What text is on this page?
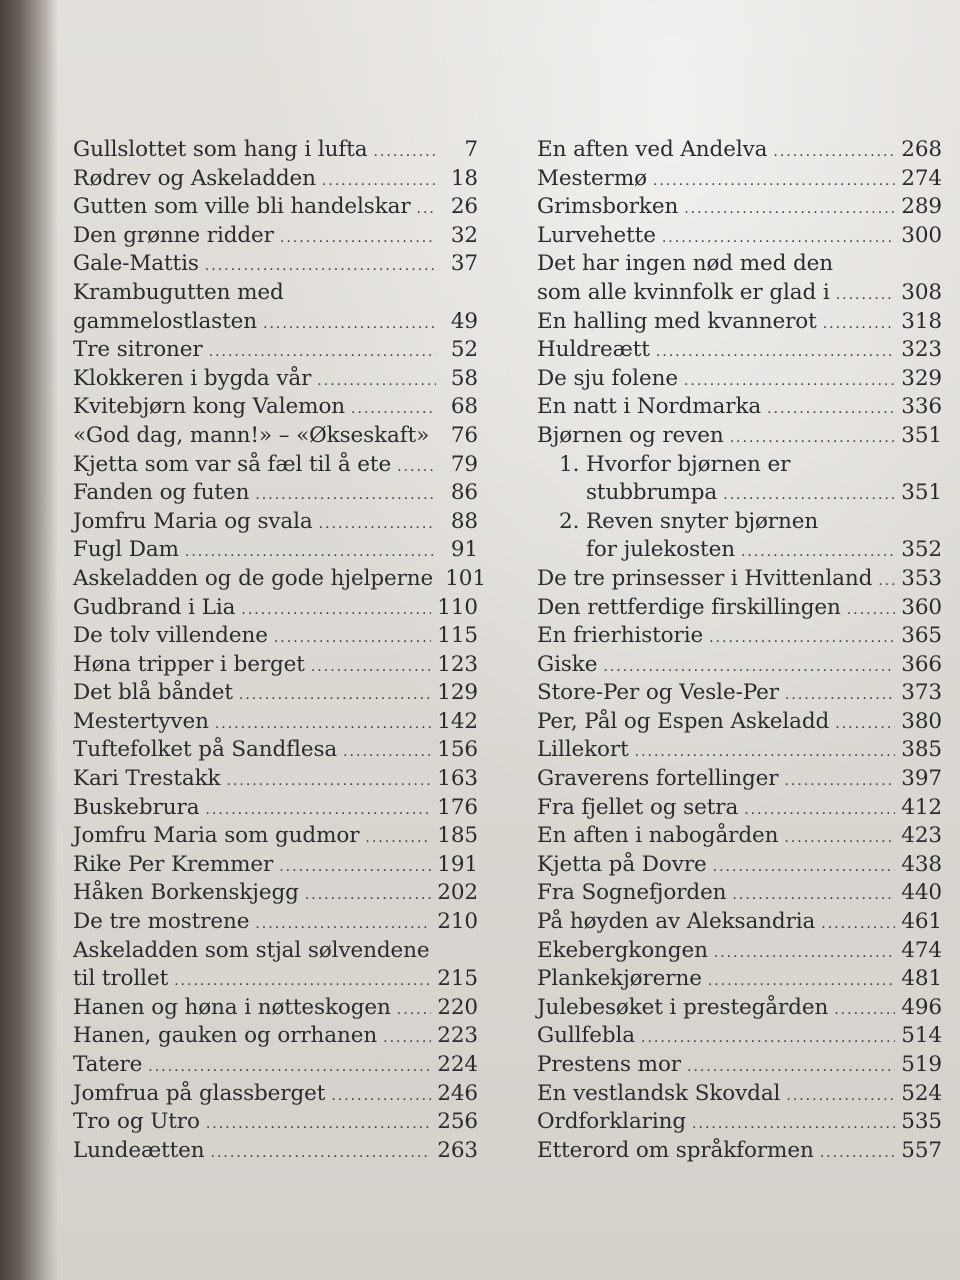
Gullslottet som hang i lufta .....	7
Rødrev og Askeladden .....	18
Gutten som ville bli handelskar .....	26
Den grønne ridder .....	32
Gale-Mattis .....	37
Krambugutten med
gammelostlasten .....	49
Tre sitroner .....	52
Klokkeren i bygda vår .....	58
Kvitebjørn kong Valemon .....	68
«God dag, mann!» – «Økseskaft» .....	76
Kjetta som var så fæl til å ete .....	79
Fanden og futen .....	86
Jomfru Maria og svala .....	88
Fugl Dam .....	91
Askeladden og de gode hjelperne 101
Gudbrand i Lia .....	110
De tolv villendene .....	115
Høna tripper i berget .....	123
Det blå båndet .....	129
Mestertyven .....	142
Tuftefolket på Sandflesa .....	156
Kari Trestakk .....	163
Buskebrura .....	176
Jomfru Maria som gudmor .....	185
Rike Per Kremmer .....	191
Håken Borkenskjegg .....	202
De tre mostrene .....	210
Askeladden som stjal sølvendene
til trollet .....	215
Hanen og høna i nøtteskogen ..... 220
Hanen, gauken og orrhanen .....	223
Tatere .....	224
Jomfrua på glassberget .....	246
Tro og Utro .....	256
Lundeætten .....	263
En aften ved Andelva .....	268
Mestermø .....	274
Grimsborken .....	289
Lurvehette .....	300
Det har ingen nød med den
som alle kvinnfolk er glad i .....	308
En halling med kvannerot .....	318
Huldreætt .....	323
De sju folene .....	329
En natt i Nordmarka .....	336
Bjørnen og reven .....	351
1. Hvorfor bjørnen er
stubbrumpa .....	351
2. Reven snyter bjørnen
for julekosten .....	352
De tre prinsesser i Hvittenland ..... 353
Den rettferdige firskillingen .....	360
En frierhistorie .....	365
Giske .....	366
Store-Per og Vesle-Per .....	373
Per, Pål og Espen Askeladd .....	380
Lillekort .....	385
Graverens fortellinger .....	397
Fra fjellet og setra .....	412
En aften i nabogården .....	423
Kjetta på Dovre .....	438
Fra Sognefjorden .....	440
På høyden av Aleksandria .....	461
Ekebergkongen .....	474
Plankekjørerne .....	481
Julebesøket i prestegården .....	496
Gullfebla .....	514
Prestens mor .....	519
En vestlandsk Skovdal .....	524
Ordforklaring .....	535
Etterord om språkformen .....	557
